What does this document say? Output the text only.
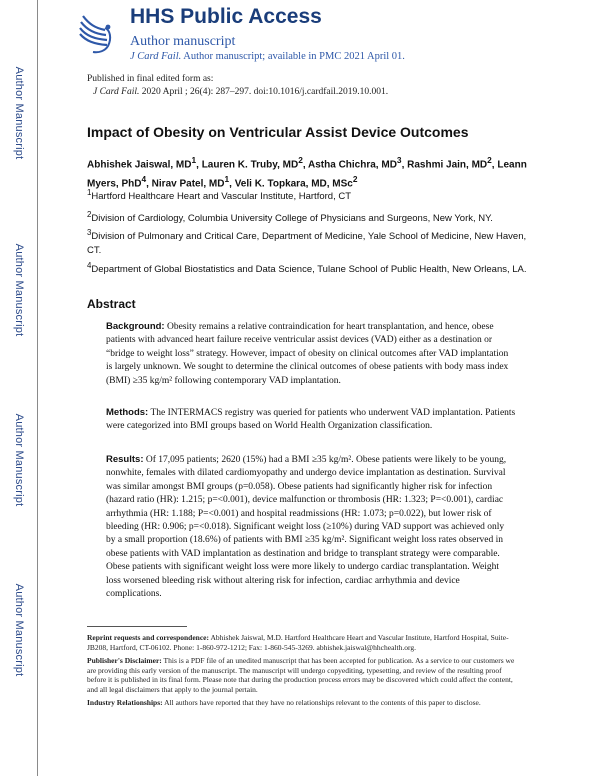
Author Manuscript
Author Manuscript
Author Manuscript
Author Manuscript
HHS Public Access
Author manuscript
J Card Fail. Author manuscript; available in PMC 2021 April 01.
Published in final edited form as:
J Card Fail. 2020 April ; 26(4): 287–297. doi:10.1016/j.cardfail.2019.10.001.
Impact of Obesity on Ventricular Assist Device Outcomes
Abhishek Jaiswal, $MD^1$, Lauren K. Truby, $MD^2$, Astha Chichra, $MD^3$, Rashmi Jain, $MD^2$, Leann Myers, PhD$^4$, Nirav Patel, $MD^1$, Veli K. Topkara, MD, MSc$^2$
$^1$Hartford Healthcare Heart and Vascular Institute, Hartford, CT
$^2$Division of Cardiology, Columbia University College of Physicians and Surgeons, New York, NY.
$^3$Division of Pulmonary and Critical Care, Department of Medicine, Yale School of Medicine, New Haven, CT.
$^4$Department of Global Biostatistics and Data Science, Tulane School of Public Health, New Orleans, LA.
Abstract
Background: Obesity remains a relative contraindication for heart transplantation, and hence, obese patients with advanced heart failure receive ventricular assist devices (VAD) either as a destination or “bridge to weight loss” strategy. However, impact of obesity on clinical outcomes after VAD implantation is largely unknown. We sought to determine the clinical outcomes of obese patients with body mass index (BMI) ≥35 kg/m² following contemporary VAD implantation.
Methods: The INTERMACS registry was queried for patients who underwent VAD implantation. Patients were categorized into BMI groups based on World Health Organization classification.
Results: Of 17,095 patients; 2620 (15%) had a BMI ≥35 kg/m². Obese patients were likely to be young, nonwhite, females with dilated cardiomyopathy and undergo device implantation as destination. Survival was similar amongst BMI groups (p=0.058). Obese patients had significantly higher risk for infection (hazard ratio (HR): 1.215; p=<0.001), device malfunction or thrombosis (HR: 1.323; P=<0.001), cardiac arrhythmia (HR: 1.188; P=<0.001) and hospital readmissions (HR: 1.073; p=0.022), but lower risk of bleeding (HR: 0.906; p=<0.018). Significant weight loss (≥10%) during VAD support was achieved only by a small proportion (18.6%) of patients with BMI ≥35 kg/m². Significant weight loss rates observed in obese patients with VAD implantation as destination and bridge to transplant strategy were comparable. Obese patients with significant weight loss were more likely to undergo cardiac transplantation. Weight loss worsened bleeding risk without altering risk for infection, cardiac arrhythmia and device complications.
Reprint requests and correspondence: Abhishek Jaiswal, M.D. Hartford Healthcare Heart and Vascular Institute, Hartford Hospital, Suite-JB208, Hartford, CT-06102. Phone: 1-860-972-1212; Fax: 1-860-545-3269. abhishek.jaiswal@hhchealth.org.
Publisher's Disclaimer: This is a PDF file of an unedited manuscript that has been accepted for publication. As a service to our customers we are providing this early version of the manuscript. The manuscript will undergo copyediting, typesetting, and review of the resulting proof before it is published in its final form. Please note that during the production process errors may be discovered which could affect the content, and all legal disclaimers that apply to the journal pertain.
Industry Relationships: All authors have reported that they have no relationships relevant to the contents of this paper to disclose.
